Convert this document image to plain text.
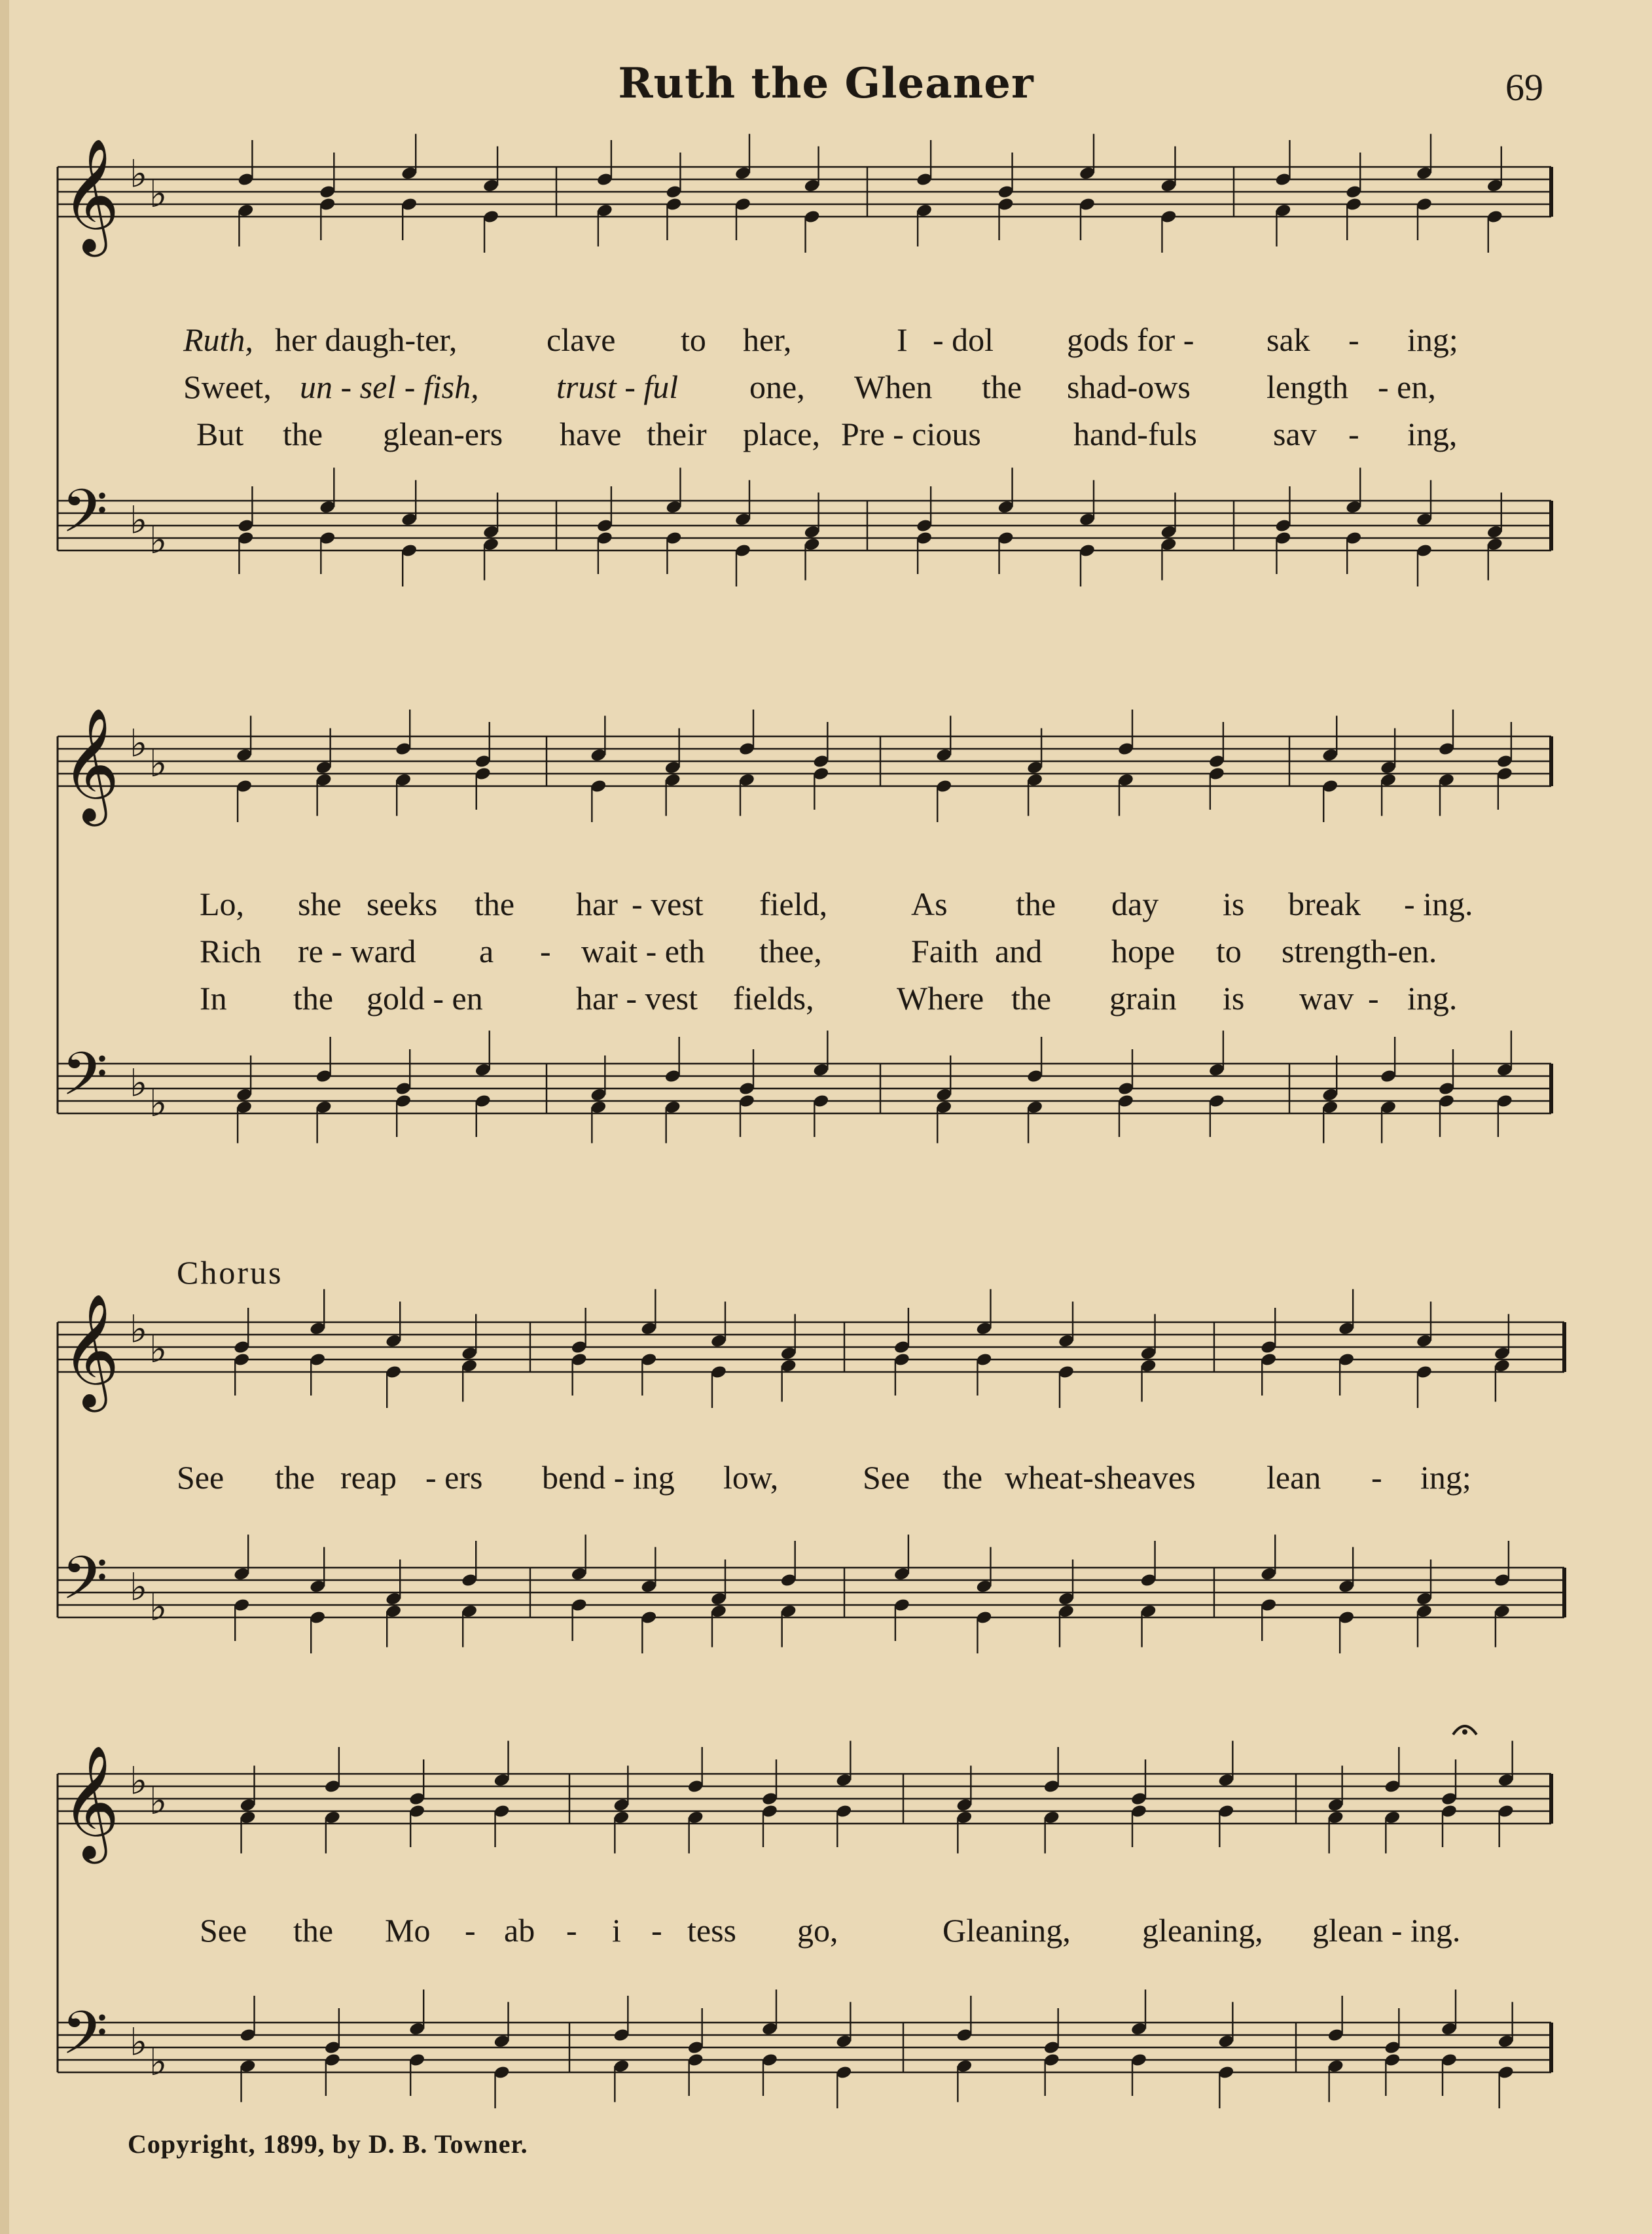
Ruth the Gleaner	69
𝄞 ♭ ♭
𝄢 ♭ ♭
𝄞 ♭ ♭
𝄢 ♭ ♭
𝄞 ♭ ♭
𝄢 ♭ ♭
𝄞 ♭ ♭
𝄢 ♭ ♭
Ruth, her daugh-ter,	clave to her,	I - dol gods for - sak - ing;
Sweet, un - sel - fish, trust - ful one, When the shad-ows length - en,
But the glean-ers have their place, Pre - cious	hand-fuls sav - ing,
Lo, she seeks the har - vest field,	As the day is break - ing.
Rich re - ward a - wait - eth thee,	Faith and hope to strength-en.
In the gold - en	har - vest fields,	Where the grain is wav - ing.
Chorus
See the reap - ers bend - ing low,	See the wheat-sheaves lean - ing;
See the Mo - ab - i - tess go,	Gleaning, gleaning, glean - ing.
Copyright, 1899, by D. B. Towner.
